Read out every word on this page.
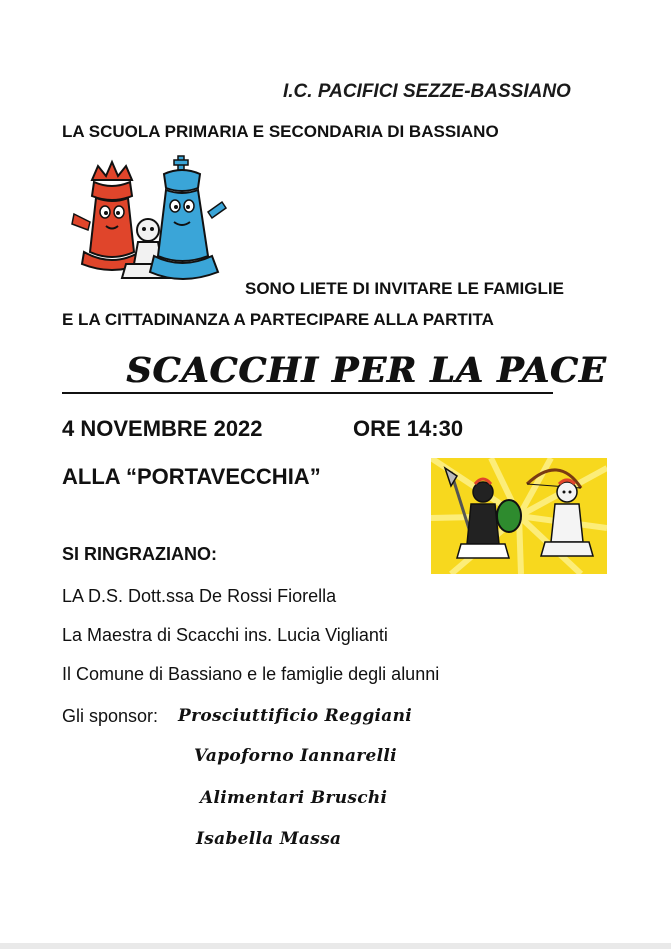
I.C. PACIFICI SEZZE-BASSIANO
LA SCUOLA PRIMARIA E SECONDARIA DI BASSIANO
SONO LIETE DI INVITARE LE FAMIGLIE
E LA CITTADINANZA A PARTECIPARE ALLA PARTITA
SCACCHI PER LA PACE
4 NOVEMBRE 2022	ORE 14:30
ALLA “PORTAVECCHIA”
SI RINGRAZIANO:
LA D.S. Dott.ssa De Rossi Fiorella
La Maestra di Scacchi ins. Lucia Viglianti
Il Comune di Bassiano e le famiglie degli alunni
Gli sponsor: Prosciuttificio Reggiani
Vapoforno Iannarelli
Alimentari Bruschi
Isabella Massa
